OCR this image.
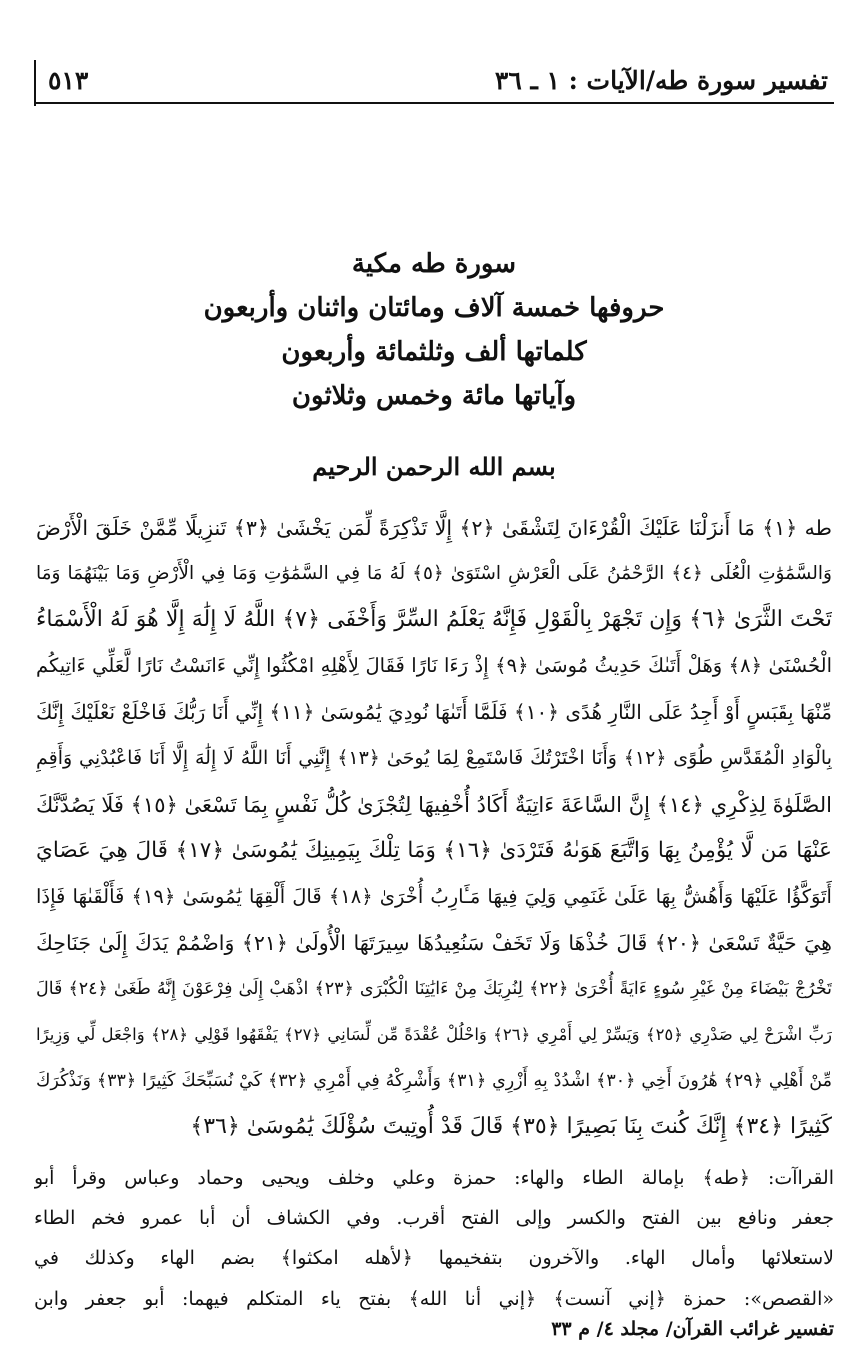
٥١٣	تفسير سورة طه/الآيات : ١ ـ ٣٦
سورة طه مكية
حروفها خمسة آلاف ومائتان واثنان وأربعون
كلماتها ألف وثلثمائة وأربعون
وآياتها مائة وخمس وثلاثون
بسم الله الرحمن الرحيم
طه ﴿١﴾ مَا أَنزَلْنَا عَلَيْكَ الْقُرْءَانَ لِتَشْقَىٰ ﴿٢﴾ إِلَّا تَذْكِرَةً لِّمَن يَخْشَىٰ ﴿٣﴾ تَنزِيلًا مِّمَّنْ خَلَقَ الْأَرْضَ
وَالسَّمَٰوَٰتِ الْعُلَى ﴿٤﴾ الرَّحْمَٰنُ عَلَى الْعَرْشِ اسْتَوَىٰ ﴿٥﴾ لَهُ مَا فِي السَّمَٰوَٰتِ وَمَا فِي الْأَرْضِ وَمَا بَيْنَهُمَا وَمَا
تَحْتَ الثَّرَىٰ ﴿٦﴾ وَإِن تَجْهَرْ بِالْقَوْلِ فَإِنَّهُ يَعْلَمُ السِّرَّ وَأَخْفَى ﴿٧﴾ اللَّهُ لَا إِلَٰهَ إِلَّا هُوَ لَهُ الْأَسْمَاءُ
الْحُسْنَىٰ ﴿٨﴾ وَهَلْ أَتَىٰكَ حَدِيثُ مُوسَىٰ ﴿٩﴾ إِذْ رَءَا نَارًا فَقَالَ لِأَهْلِهِ امْكُثُوا إِنِّي ءَانَسْتُ نَارًا لَّعَلِّي ءَاتِيكُم
مِّنْهَا بِقَبَسٍ أَوْ أَجِدُ عَلَى النَّارِ هُدًى ﴿١٠﴾ فَلَمَّا أَتَىٰهَا نُودِيَ يَٰمُوسَىٰ ﴿١١﴾ إِنِّي أَنَا رَبُّكَ فَاخْلَعْ نَعْلَيْكَ إِنَّكَ
بِالْوَادِ الْمُقَدَّسِ طُوًى ﴿١٢﴾ وَأَنَا اخْتَرْتُكَ فَاسْتَمِعْ لِمَا يُوحَىٰ ﴿١٣﴾ إِنَّنِي أَنَا اللَّهُ لَا إِلَٰهَ إِلَّا أَنَا فَاعْبُدْنِي وَأَقِمِ
الصَّلَوٰةَ لِذِكْرِي ﴿١٤﴾ إِنَّ السَّاعَةَ ءَاتِيَةٌ أَكَادُ أُخْفِيهَا لِتُجْزَىٰ كُلُّ نَفْسٍ بِمَا تَسْعَىٰ ﴿١٥﴾ فَلَا يَصُدَّنَّكَ
عَنْهَا مَن لَّا يُؤْمِنُ بِهَا وَاتَّبَعَ هَوَىٰهُ فَتَرْدَىٰ ﴿١٦﴾ وَمَا تِلْكَ بِيَمِينِكَ يَٰمُوسَىٰ ﴿١٧﴾ قَالَ هِيَ عَصَايَ
أَتَوَكَّؤُا عَلَيْهَا وَأَهُشُّ بِهَا عَلَىٰ غَنَمِي وَلِيَ فِيهَا مَـَٔارِبُ أُخْرَىٰ ﴿١٨﴾ قَالَ أَلْقِهَا يَٰمُوسَىٰ ﴿١٩﴾ فَأَلْقَىٰهَا فَإِذَا
هِيَ حَيَّةٌ تَسْعَىٰ ﴿٢٠﴾ قَالَ خُذْهَا وَلَا تَخَفْ سَنُعِيدُهَا سِيرَتَهَا الْأُولَىٰ ﴿٢١﴾ وَاضْمُمْ يَدَكَ إِلَىٰ جَنَاحِكَ
تَخْرُجْ بَيْضَاءَ مِنْ غَيْرِ سُوءٍ ءَايَةً أُخْرَىٰ ﴿٢٢﴾ لِنُرِيَكَ مِنْ ءَايَٰتِنَا الْكُبْرَى ﴿٢٣﴾ اذْهَبْ إِلَىٰ فِرْعَوْنَ إِنَّهُ طَغَىٰ ﴿٢٤﴾ قَالَ
رَبِّ اشْرَحْ لِي صَدْرِي ﴿٢٥﴾ وَيَسِّرْ لِي أَمْرِي ﴿٢٦﴾ وَاحْلُلْ عُقْدَةً مِّن لِّسَانِي ﴿٢٧﴾ يَفْقَهُوا قَوْلِي ﴿٢٨﴾ وَاجْعَل لِّي وَزِيرًا
مِّنْ أَهْلِي ﴿٢٩﴾ هَٰرُونَ أَخِي ﴿٣٠﴾ اشْدُدْ بِهِ أَزْرِي ﴿٣١﴾ وَأَشْرِكْهُ فِي أَمْرِي ﴿٣٢﴾ كَيْ نُسَبِّحَكَ كَثِيرًا ﴿٣٣﴾ وَنَذْكُرَكَ
كَثِيرًا ﴿٣٤﴾ إِنَّكَ كُنتَ بِنَا بَصِيرًا ﴿٣٥﴾ قَالَ قَدْ أُوتِيتَ سُؤْلَكَ يَٰمُوسَىٰ ﴿٣٦﴾
القراآت: ﴿طه﴾ بإمالة الطاء والهاء: حمزة وعلي وخلف ويحيى وحماد وعباس وقرأ أبو
جعفر ونافع بين الفتح والكسر وإلى الفتح أقرب. وفي الكشاف أن أبا عمرو فخم الطاء
لاستعلائها وأمال الهاء. والآخرون بتفخيمها ﴿لأهله امكثوا﴾ بضم الهاء وكذلك في
«القصص»: حمزة ﴿إني آنست﴾ ﴿إني أنا الله﴾ بفتح ياء المتكلم فيهما: أبو جعفر وابن
تفسير غرائب القرآن/ مجلد ٤/ م ٣٣
